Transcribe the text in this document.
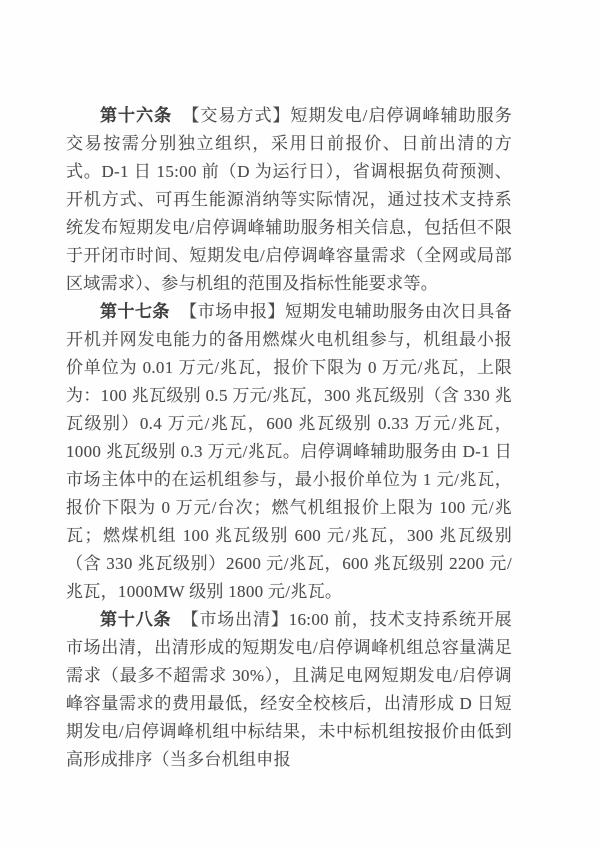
第十六条 【交易方式】短期发电/启停调峰辅助服务交易按需分别独立组织，采用日前报价、日前出清的方式。D-1 日 15:00 前（D 为运行日），省调根据负荷预测、开机方式、可再生能源消纳等实际情况，通过技术支持系统发布短期发电/启停调峰辅助服务相关信息，包括但不限于开闭市时间、短期发电/启停调峰容量需求（全网或局部区域需求）、参与机组的范围及指标性能要求等。

第十七条 【市场申报】短期发电辅助服务由次日具备开机并网发电能力的备用燃煤火电机组参与，机组最小报价单位为 0.01 万元/兆瓦，报价下限为 0 万元/兆瓦，上限为：100 兆瓦级别 0.5 万元/兆瓦，300 兆瓦级别（含 330 兆瓦级别）0.4 万元/兆瓦，600 兆瓦级别 0.33 万元/兆瓦，1000 兆瓦级别 0.3 万元/兆瓦。启停调峰辅助服务由 D-1 日市场主体中的在运机组参与，最小报价单位为 1 元/兆瓦，报价下限为 0 万元/台次；燃气机组报价上限为 100 元/兆瓦；燃煤机组 100 兆瓦级别 600 元/兆瓦，300 兆瓦级别（含 330 兆瓦级别）2600 元/兆瓦，600 兆瓦级别 2200 元/兆瓦，1000MW 级别 1800 元/兆瓦。

第十八条 【市场出清】16:00 前，技术支持系统开展市场出清，出清形成的短期发电/启停调峰机组总容量满足需求（最多不超需求 30%），且满足电网短期发电/启停调峰容量需求的费用最低，经安全校核后，出清形成 D 日短期发电/启停调峰机组中标结果，未中标机组按报价由低到高形成排序（当多台机组申报
